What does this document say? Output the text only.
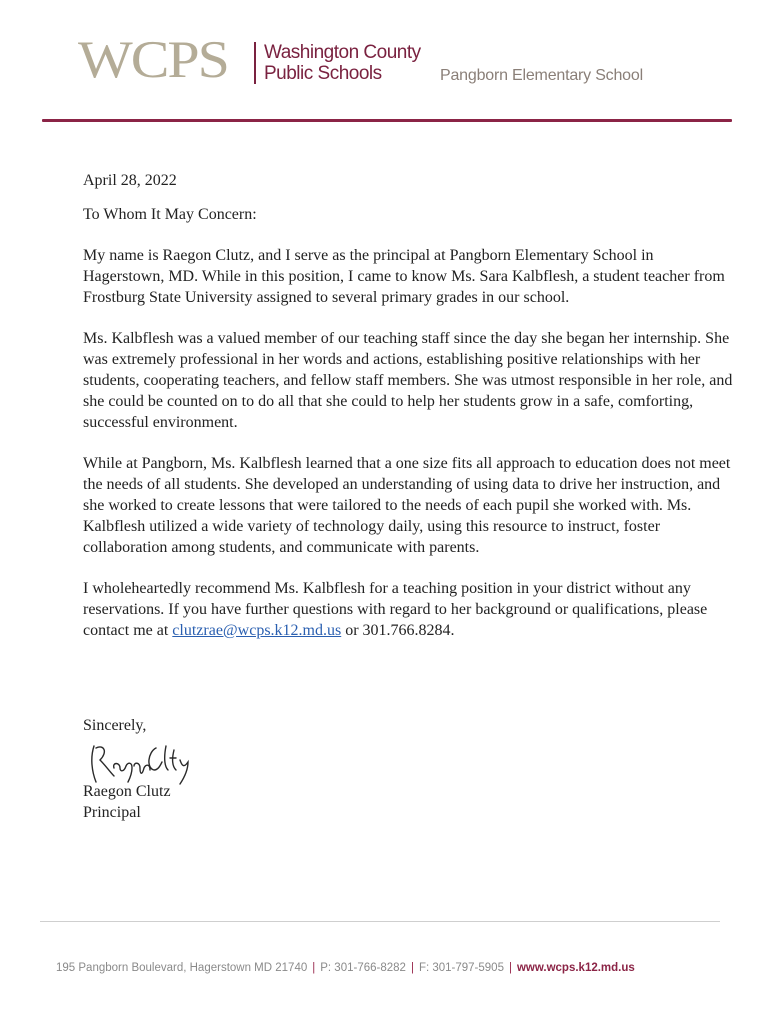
WCPS Washington County
Public Schools	Pangborn Elementary School

April 28, 2022

To Whom It May Concern:

My name is Raegon Clutz, and I serve as the principal at Pangborn Elementary School in Hagerstown, MD. While in this position, I came to know Ms. Sara Kalbflesh, a student teacher from Frostburg State University assigned to several primary grades in our school.

Ms. Kalbflesh was a valued member of our teaching staff since the day she began her internship. She was extremely professional in her words and actions, establishing positive relationships with her students, cooperating teachers, and fellow staff members. She was utmost responsible in her role, and she could be counted on to do all that she could to help her students grow in a safe, comforting, successful environment.

While at Pangborn, Ms. Kalbflesh learned that a one size fits all approach to education does not meet the needs of all students. She developed an understanding of using data to drive her instruction, and she worked to create lessons that were tailored to the needs of each pupil she worked with. Ms. Kalbflesh utilized a wide variety of technology daily, using this resource to instruct, foster collaboration among students, and communicate with parents.

I wholeheartedly recommend Ms. Kalbflesh for a teaching position in your district without any reservations. If you have further questions with regard to her background or qualifications, please contact me at clutzrae@wcps.k12.md.us or 301.766.8284.

Sincerely,
Raegon Clutz
Principal
195 Pangborn Boulevard, Hagerstown MD 21740 | P: 301-766-8282 | F: 301-797-5905 | www.wcps.k12.md.us
